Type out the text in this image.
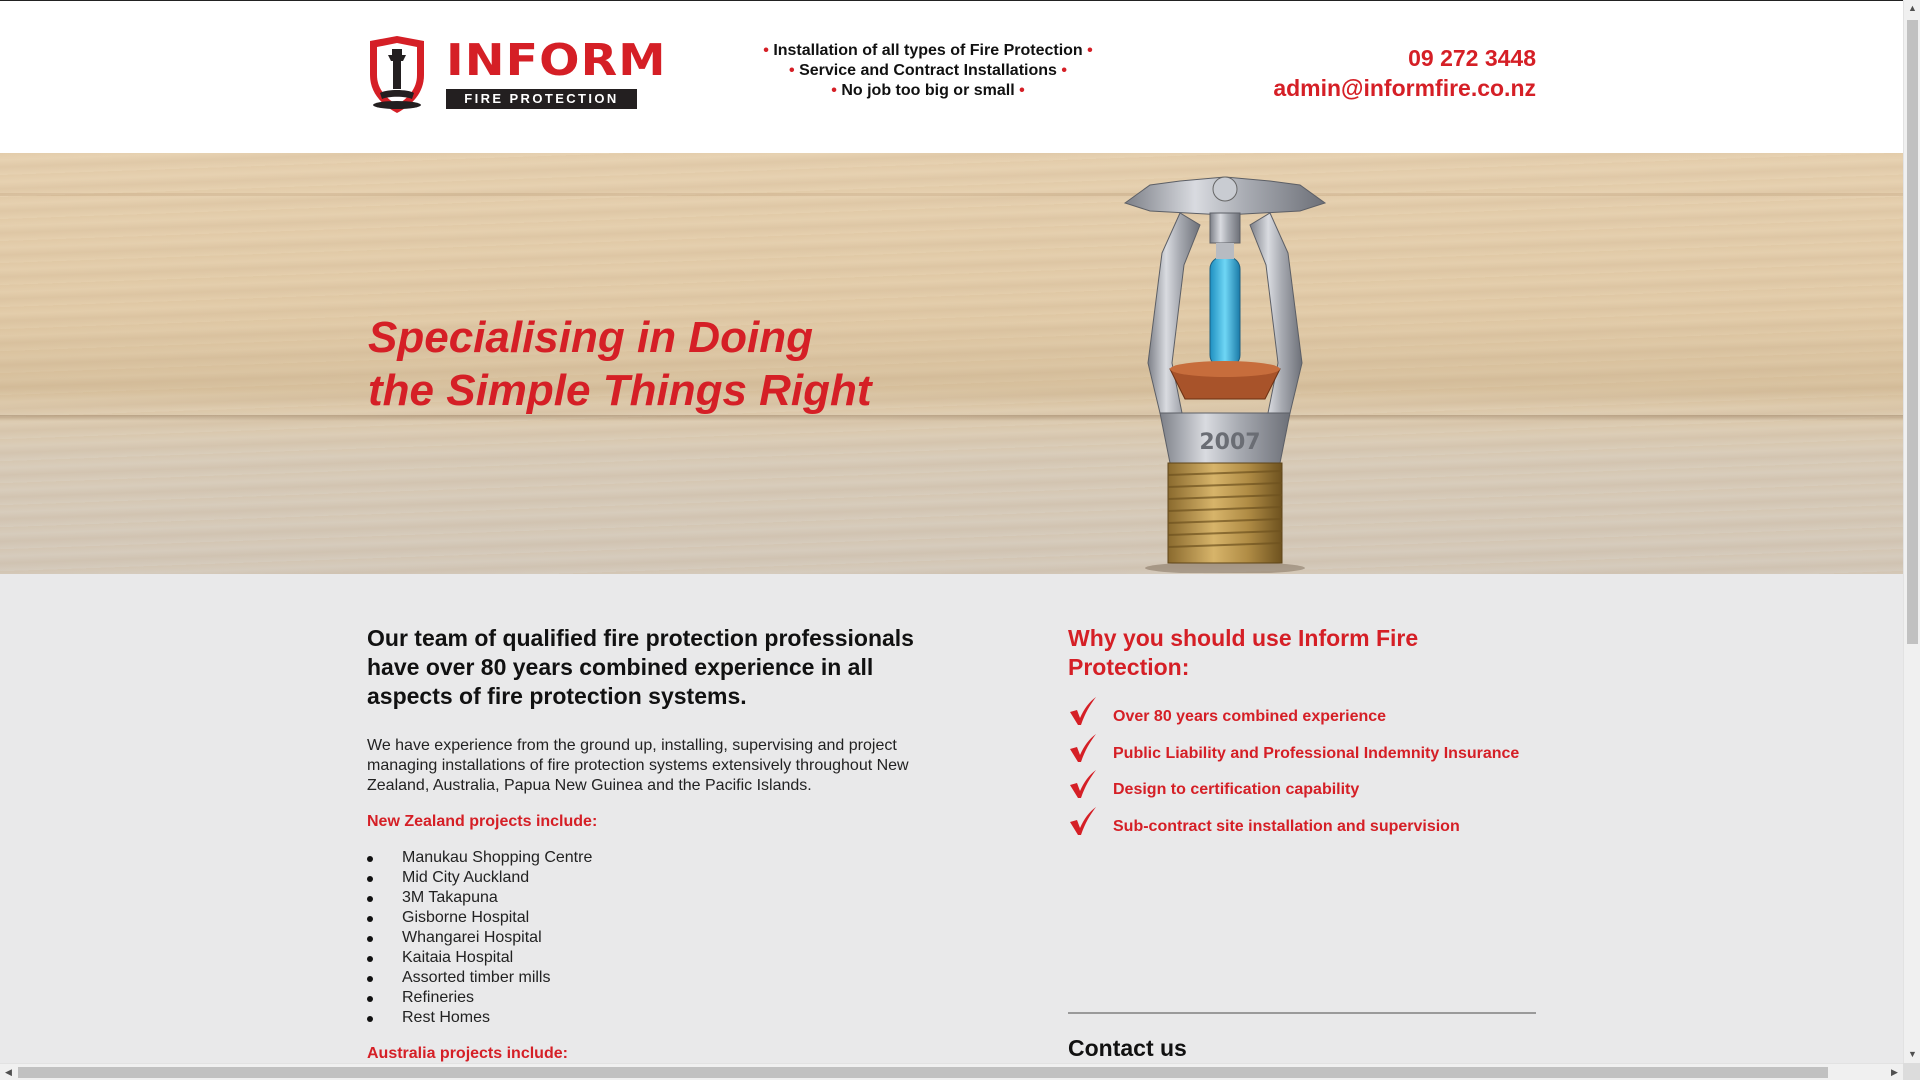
INFORM
FIRE PROTECTION
• Installation of all types of Fire Protection •
• Service and Contract Installations •
• No job too big or small •
09 272 3448
admin@informfire.co.nz
Specialising in Doing
the Simple Things Right
2007
Our team of qualified fire protection professionals have over 80 years combined experience in all aspects of fire protection systems.

We have experience from the ground up, installing, supervising and project managing installations of fire protection systems extensively throughout New Zealand, Australia, Papua New Guinea and the Pacific Islands.

New Zealand projects include:

Manukau Shopping Centre
Mid City Auckland
3M Takapuna
Gisborne Hospital
Whangarei Hospital
Kaitaia Hospital
Assorted timber mills
Refineries
Rest Homes

Australia projects include:

Why you should use Inform Fire Protection:
Over 80 years combined experience
Public Liability and Professional Indemnity Insurance
Design to certification capability
Sub-contract site installation and supervision
Contact us
▲
▼
◀	▶
